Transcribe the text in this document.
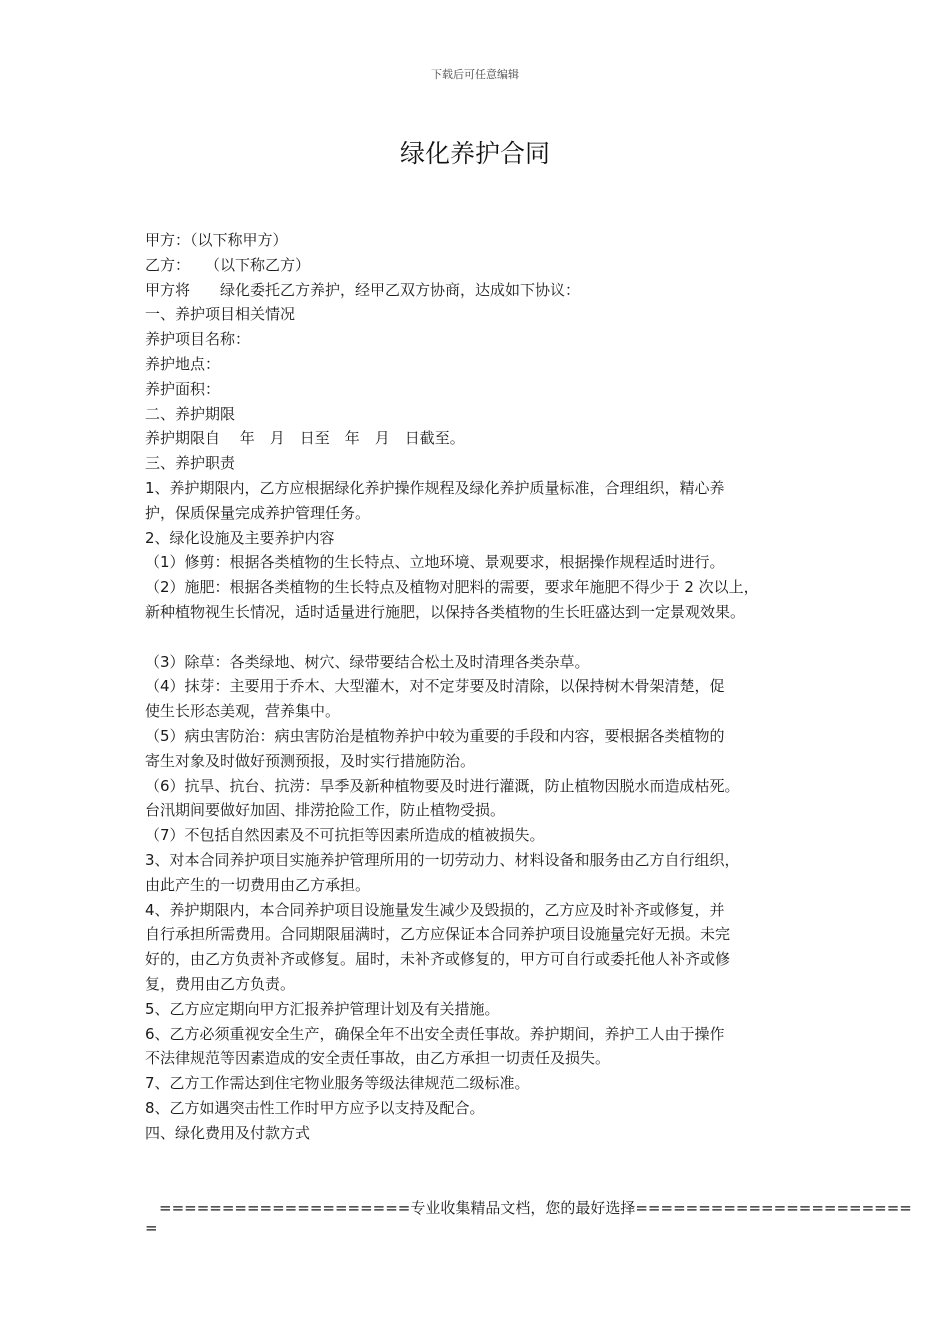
下载后可任意编辑
绿化养护合同
甲方：（以下称甲方）
乙方：　　（以下称乙方）
甲方将　　绿化委托乙方养护，经甲乙双方协商，达成如下协议：
一、养护项目相关情况
养护项目名称：
养护地点：
养护面积：
二、养护期限
养护期限自　 年　月　日至　年　月　日截至。
三、养护职责
1、养护期限内，乙方应根据绿化养护操作规程及绿化养护质量标准，合理组织，精心养
护，保质保量完成养护管理任务。
2、绿化设施及主要养护内容
（1）修剪：根据各类植物的生长特点、立地环境、景观要求，根据操作规程适时进行。
（2）施肥：根据各类植物的生长特点及植物对肥料的需要，要求年施肥不得少于 2 次以上，
新种植物视生长情况，适时适量进行施肥，以保持各类植物的生长旺盛达到一定景观效果。
（3）除草：各类绿地、树穴、绿带要结合松土及时清理各类杂草。
（4）抹芽：主要用于乔木、大型灌木，对不定芽要及时清除，以保持树木骨架清楚，促
使生长形态美观，营养集中。
（5）病虫害防治：病虫害防治是植物养护中较为重要的手段和内容，要根据各类植物的
寄生对象及时做好预测预报，及时实行措施防治。
（6）抗旱、抗台、抗涝：旱季及新种植物要及时进行灌溉，防止植物因脱水而造成枯死。
台汛期间要做好加固、排涝抢险工作，防止植物受损。
（7）不包括自然因素及不可抗拒等因素所造成的植被损失。
3、对本合同养护项目实施养护管理所用的一切劳动力、材料设备和服务由乙方自行组织，
由此产生的一切费用由乙方承担。
4、养护期限内，本合同养护项目设施量发生减少及毁损的，乙方应及时补齐或修复，并
自行承担所需费用。合同期限届满时，乙方应保证本合同养护项目设施量完好无损。未完
好的，由乙方负责补齐或修复。届时，未补齐或修复的，甲方可自行或委托他人补齐或修
复，费用由乙方负责。
5、乙方应定期向甲方汇报养护管理计划及有关措施。
6、乙方必须重视安全生产，确保全年不出安全责任事故。养护期间，养护工人由于操作
不法律规范等因素造成的安全责任事故，由乙方承担一切责任及损失。
7、乙方工作需达到住宅物业服务等级法律规范二级标准。
8、乙方如遇突击性工作时甲方应予以支持及配合。
四、绿化费用及付款方式
====================专业收集精品文档，您的最好选择======================
=
